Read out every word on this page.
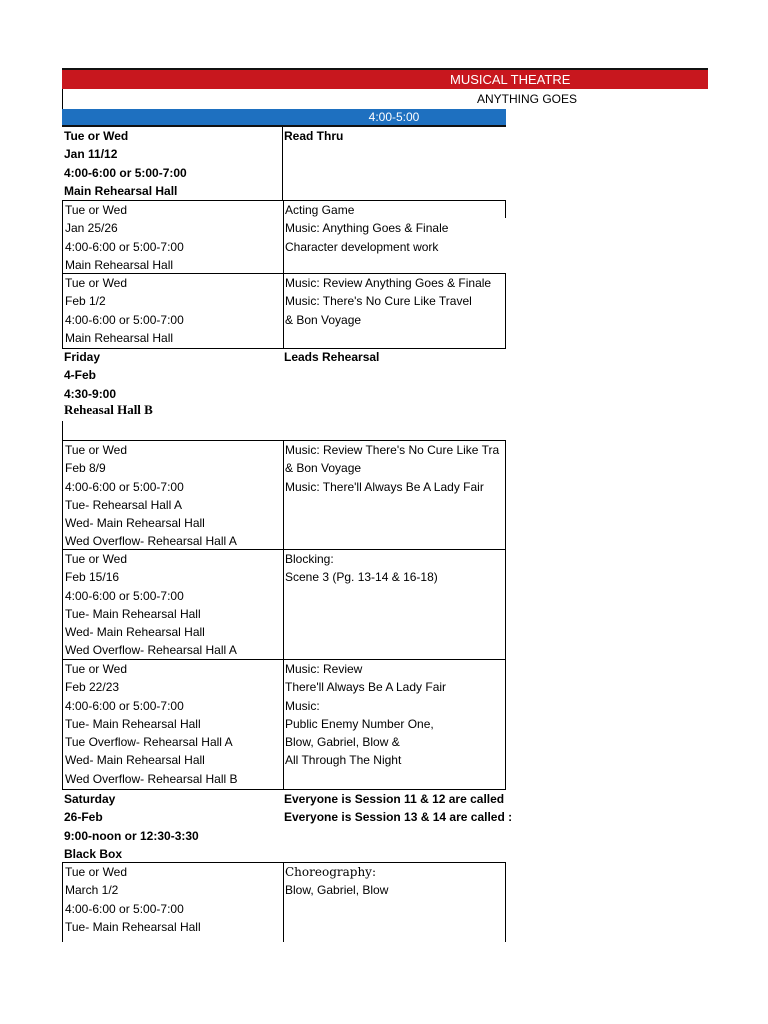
MUSICAL THEATRE
ANYTHING GOES
4:00-5:00
Tue or Wed
Jan 11/12
4:00-6:00 or 5:00-7:00
Main Rehearsal Hall
Read Thru
Tue or Wed
Jan 25/26
4:00-6:00 or 5:00-7:00
Main Rehearsal Hall
Acting Game
Music: Anything Goes & Finale
Character development work
Tue or Wed
Feb 1/2
4:00-6:00 or 5:00-7:00
Main Rehearsal Hall
Music: Review Anything Goes & Finale
Music: There's No Cure Like Travel
& Bon Voyage
Friday
4-Feb
4:30-9:00
Leads Rehearsal
Reheasal Hall B
Tue or Wed
Feb 8/9
4:00-6:00 or 5:00-7:00
Tue- Rehearsal Hall A
Wed- Main Rehearsal Hall
Wed Overflow- Rehearsal Hall A
Music: Review There's No Cure Like Tra
& Bon Voyage
Music: There'll Always Be A Lady Fair
Tue or Wed
Feb 15/16
4:00-6:00 or 5:00-7:00
Tue- Main Rehearsal Hall
Wed- Main Rehearsal Hall
Wed Overflow- Rehearsal Hall A
Blocking:
Scene 3 (Pg. 13-14 & 16-18)
Tue or Wed
Feb 22/23
4:00-6:00 or 5:00-7:00
Tue- Main Rehearsal Hall
Tue Overflow- Rehearsal Hall A
Wed- Main Rehearsal Hall
Wed Overflow- Rehearsal Hall B
Music: Review
There'll Always Be A Lady Fair
Music:
Public Enemy Number One,
Blow, Gabriel, Blow &
All Through The Night
Saturday
26-Feb
9:00-noon or 12:30-3:30
Black Box
Everyone is Session 11 & 12 are called
Everyone is Session 13 & 14 are called :
Tue or Wed
March 1/2
4:00-6:00 or 5:00-7:00
Tue- Main Rehearsal Hall
Choreography:
Blow, Gabriel, Blow
